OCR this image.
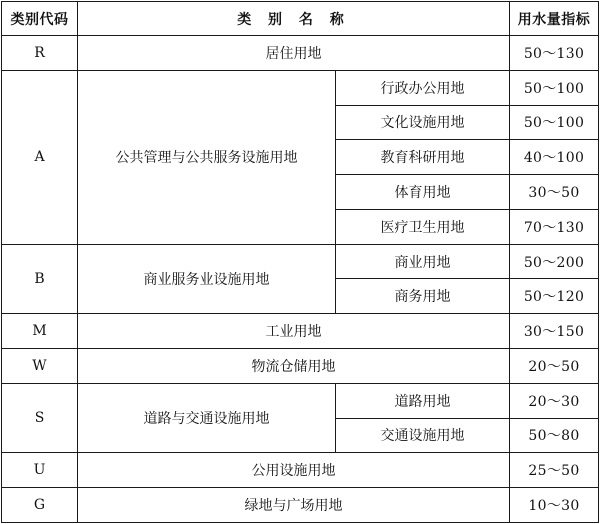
类别代码	类 别 名 称		用水量指标
R	居住用地		50～130
A	公共管理与公共服务设施用地	行政办公用地	50～100
		文化设施用地	50～100
		教育科研用地	40～100
		体育用地	30～50
		医疗卫生用地	70～130
B	商业服务业设施用地	商业用地	50～200
		商务用地	50～120
M	工业用地		30～150
W	物流仓储用地		20～50
S	道路与交通设施用地	道路用地	20～30
		交通设施用地	50～80
U	公用设施用地		25～50
G	绿地与广场用地		10～30
